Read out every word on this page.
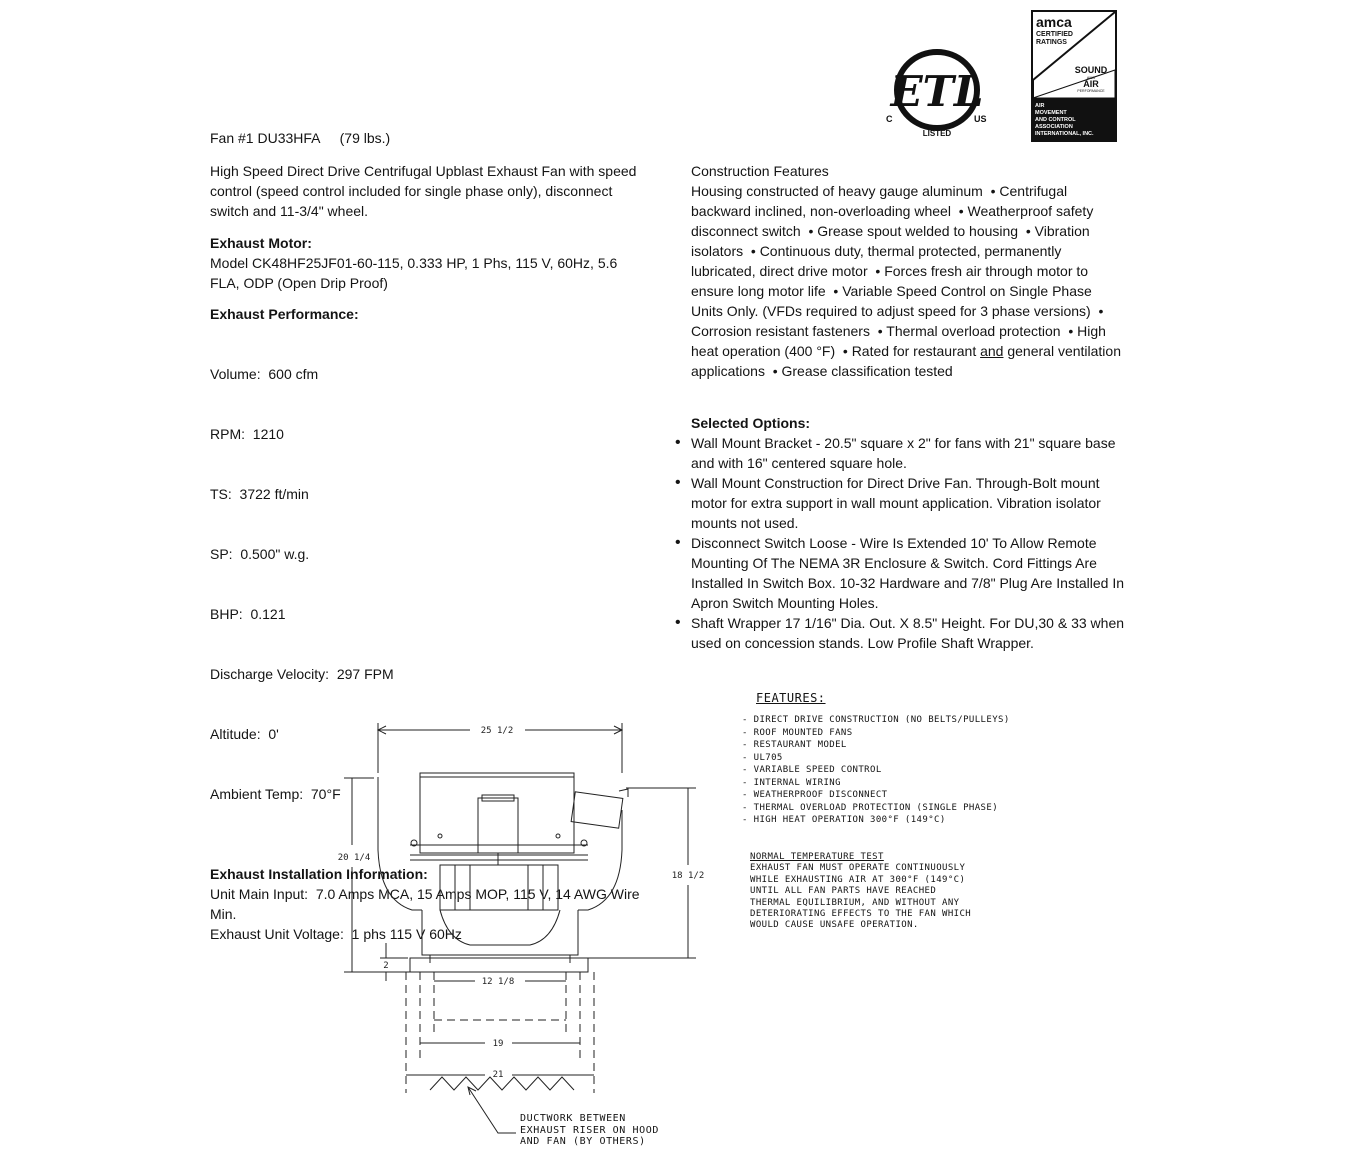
Fan #1 DU33HFA (79 lbs.)

High Speed Direct Drive Centrifugal Upblast Exhaust Fan with speed control (speed control included for single phase only), disconnect switch and 11-3/4" wheel.

Exhaust Motor:

Model CK48HF25JF01-60-115, 0.333 HP, 1 Phs, 115 V, 60Hz, 5.6 FLA, ODP (Open Drip Proof)

Exhaust Performance:

Volume:  600 cfm

RPM:  1210

TS:  3722 ft/min

SP:  0.500" w.g.

BHP:  0.121

Discharge Velocity:  297 FPM

Altitude:  0'

Ambient Temp:  70°F

Exhaust Installation Information:

Unit Main Input:  7.0 Amps MCA, 15 Amps MOP, 115 V, 14 AWG Wire Min.

Exhaust Unit Voltage:  1 phs 115 V 60Hz

Construction Features

Housing constructed of heavy gauge aluminum  • Centrifugal backward inclined, non-overloading wheel  • Weatherproof safety disconnect switch  • Grease spout welded to housing  • Vibration isolators  • Continuous duty, thermal protected, permanently lubricated, direct drive motor  • Forces fresh air through motor to ensure long motor life  • Variable Speed Control on Single Phase Units Only. (VFDs required to adjust speed for 3 phase versions)  • Corrosion resistant fasteners  • Thermal overload protection  • High heat operation (400 °F)  • Rated for restaurant and general ventilation applications  • Grease classification tested

Selected Options:

• Wall Mount Bracket - 20.5" square x 2" for fans with 21" square base and with 16" centered square hole.
• Wall Mount Construction for Direct Drive Fan. Through-Bolt mount motor for extra support in wall mount application. Vibration isolator mounts not used.
• Disconnect Switch Loose - Wire Is Extended 10' To Allow Remote Mounting Of The NEMA 3R Enclosure & Switch. Cord Fittings Are Installed In Switch Box. 10-32 Hardware and 7/8" Plug Are Installed In Apron Switch Mounting Holes.
• Shaft Wrapper 17 1/16" Dia. Out. X 8.5" Height. For DU,30 & 33 when used on concession stands. Low Profile Shaft Wrapper.
ETL
C	US
LISTED
amca
CERTIFIED
RATINGS
SOUND
AND
AIR
PERFORMANCE
AIR
MOVEMENT
AND CONTROL
ASSOCIATION
INTERNATIONAL, INC.
25 1/2
20 1/4
18 1/2
2
12 1/8
19
21
FEATURES:
- DIRECT DRIVE CONSTRUCTION (NO BELTS/PULLEYS)
- ROOF MOUNTED FANS
- RESTAURANT MODEL
- UL705
- VARIABLE SPEED CONTROL
- INTERNAL WIRING
- WEATHERPROOF DISCONNECT
- THERMAL OVERLOAD PROTECTION (SINGLE PHASE)
- HIGH HEAT OPERATION 300°F (149°C)
NORMAL TEMPERATURE TEST
EXHAUST FAN MUST OPERATE CONTINUOUSLY
WHILE EXHAUSTING AIR AT 300°F (149°C)
UNTIL ALL FAN PARTS HAVE REACHED
THERMAL EQUILIBRIUM, AND WITHOUT ANY
DETERIORATING EFFECTS TO THE FAN WHICH
WOULD CAUSE UNSAFE OPERATION.
DUCTWORK BETWEEN
EXHAUST RISER ON HOOD
AND FAN (BY OTHERS)
